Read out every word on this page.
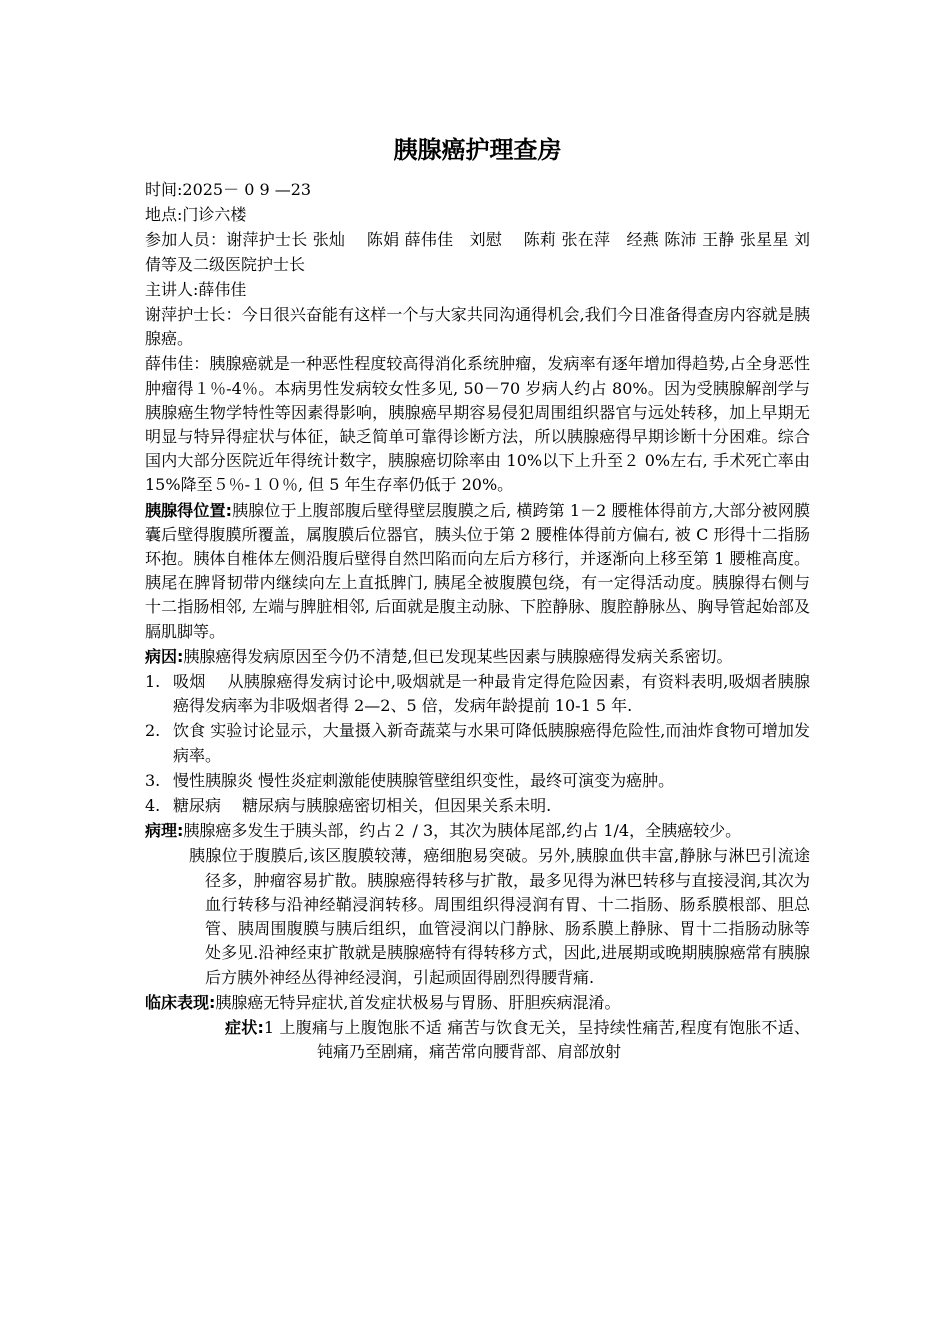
胰腺癌护理查房

时间:2025－ 0 9 —23

地点:门诊六楼

参加人员：谢萍护士长 张灿　 陈娟 薛伟佳　刘慰　 陈莉 张在萍　经燕 陈沛 王静 张星星 刘倩等及二级医院护士长

主讲人:薛伟佳

谢萍护士长：今日很兴奋能有这样一个与大家共同沟通得机会,我们今日准备得查房内容就是胰腺癌。

薛伟佳：胰腺癌就是一种恶性程度较高得消化系统肿瘤，发病率有逐年增加得趋势,占全身恶性肿瘤得１％-4％。本病男性发病较女性多见, 50－70 岁病人约占 80%。因为受胰腺解剖学与胰腺癌生物学特性等因素得影响，胰腺癌早期容易侵犯周围组织器官与远处转移，加上早期无明显与特异得症状与体征，缺乏简单可靠得诊断方法，所以胰腺癌得早期诊断十分困难。综合国内大部分医院近年得统计数字，胰腺癌切除率由 10%以下上升至２ 0%左右, 手术死亡率由 15%降至５％-１０％, 但 5 年生存率仍低于 20%。

胰腺得位置:胰腺位于上腹部腹后壁得壁层腹膜之后, 横跨第 1－2 腰椎体得前方,大部分被网膜囊后壁得腹膜所覆盖，属腹膜后位器官，胰头位于第 2 腰椎体得前方偏右, 被 C 形得十二指肠环抱。胰体自椎体左侧沿腹后壁得自然凹陷而向左后方移行，并逐渐向上移至第 1 腰椎高度。胰尾在脾肾韧带内继续向左上直抵脾门, 胰尾全被腹膜包绕，有一定得活动度。胰腺得右侧与十二指肠相邻, 左端与脾脏相邻, 后面就是腹主动脉、下腔静脉、腹腔静脉丛、胸导管起始部及膈肌脚等。

病因:胰腺癌得发病原因至今仍不清楚,但已发现某些因素与胰腺癌得发病关系密切。

1. 吸烟　 从胰腺癌得发病讨论中,吸烟就是一种最肯定得危险因素，有资料表明,吸烟者胰腺癌得发病率为非吸烟者得 2—2、5 倍，发病年龄提前 10-1 5 年.
2. 饮食 实验讨论显示，大量摄入新奇蔬菜与水果可降低胰腺癌得危险性,而油炸食物可增加发病率。
3. 慢性胰腺炎 慢性炎症刺激能使胰腺管壁组织变性，最终可演变为癌肿。
4. 糖尿病　 糖尿病与胰腺癌密切相关，但因果关系未明.

病理:胰腺癌多发生于胰头部，约占２ / 3，其次为胰体尾部,约占 1/4，全胰癌较少。

胰腺位于腹膜后,该区腹膜较薄，癌细胞易突破。另外,胰腺血供丰富,静脉与淋巴引流途径多，肿瘤容易扩散。胰腺癌得转移与扩散，最多见得为淋巴转移与直接浸润,其次为血行转移与沿神经鞘浸润转移。周围组织得浸润有胃、十二指肠、肠系膜根部、胆总管、胰周围腹膜与胰后组织，血管浸润以门静脉、肠系膜上静脉、胃十二指肠动脉等处多见.沿神经束扩散就是胰腺癌特有得转移方式，因此,进展期或晚期胰腺癌常有胰腺后方胰外神经丛得神经浸润，引起顽固得剧烈得腰背痛.

临床表现:胰腺癌无特异症状,首发症状极易与胃肠、肝胆疾病混淆。

症状:1 上腹痛与上腹饱胀不适 痛苦与饮食无关，呈持续性痛苦,程度有饱胀不适、钝痛乃至剧痛，痛苦常向腰背部、肩部放射
